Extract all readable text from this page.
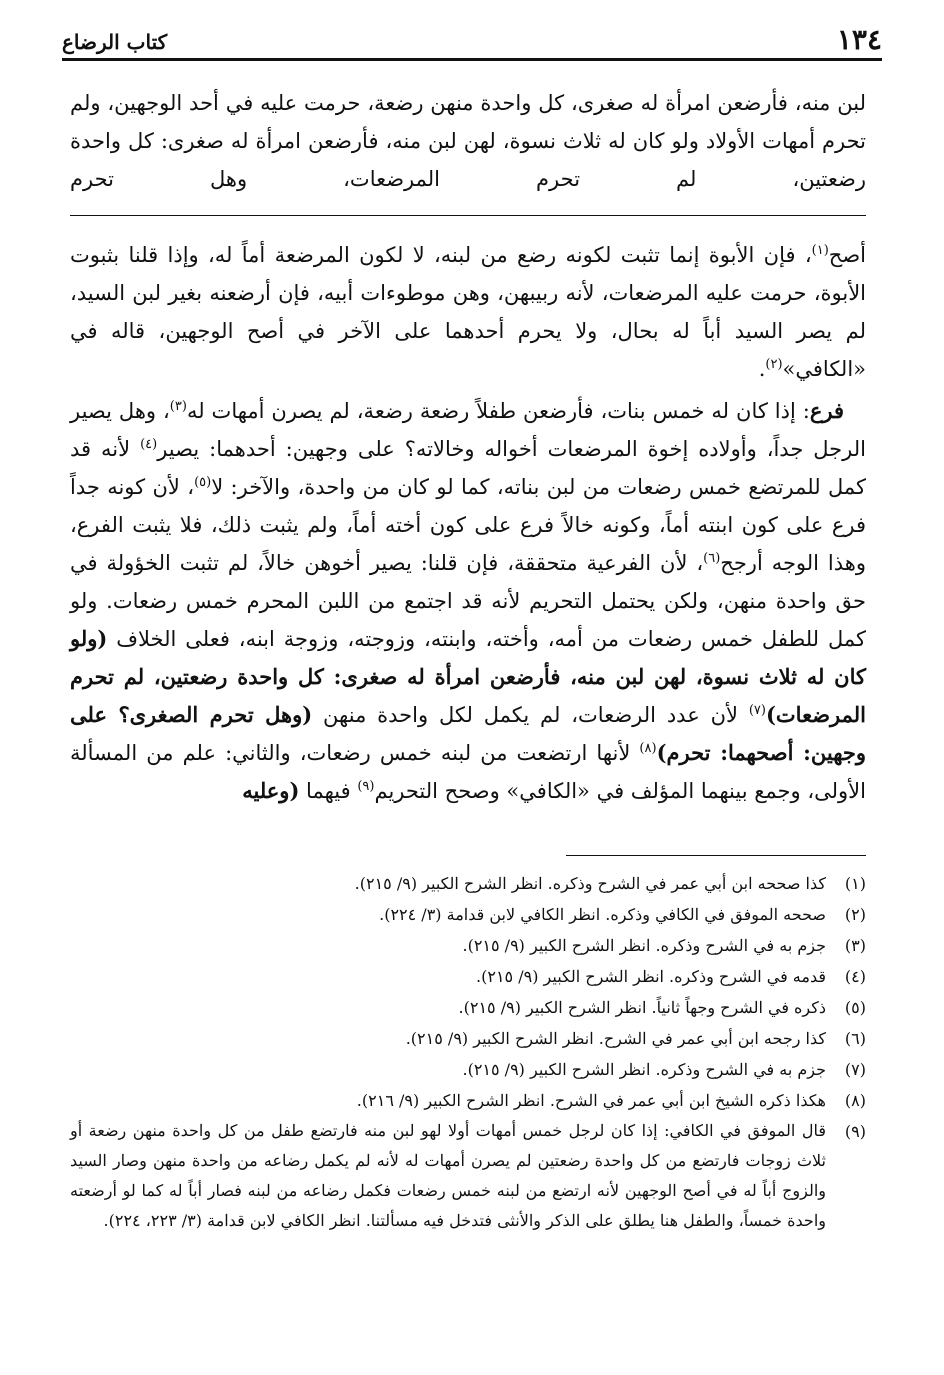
١٣٤
كتاب الرضاع

لبن منه، فأرضعن امرأة له صغرى، كل واحدة منهن رضعة، حرمت عليه في أحد الوجهين، ولم تحرم أمهات الأولاد ولو كان له ثلاث نسوة، لهن لبن منه، فأرضعن امرأة له صغرى: كل واحدة رضعتين، لم تحرم المرضعات، وهل تحرم

أصح$^{(١)}$، فإن الأبوة إنما تثبت لكونه رضع من لبنه، لا لكون المرضعة أماً له، وإذا قلنا بثبوت الأبوة، حرمت عليه المرضعات، لأنه ربيبهن، وهن موطوءات أبيه، فإن أرضعنه بغير لبن السيد، لم يصر السيد أباً له بحال، ولا يحرم أحدهما على الآخر في أصح الوجهين، قاله في «الكافي»$^{(٢)}$.

فرع: إذا كان له خمس بنات، فأرضعن طفلاً رضعة رضعة، لم يصرن أمهات له$^{(٣)}$، وهل يصير الرجل جداً، وأولاده إخوة المرضعات أخواله وخالاته؟ على وجهين: أحدهما: يصير$^{(٤)}$ لأنه قد كمل للمرتضع خمس رضعات من لبن بناته، كما لو كان من واحدة، والآخر: لا$^{(٥)}$، لأن كونه جداً فرع على كون ابنته أماً، وكونه خالاً فرع على كون أخته أماً، ولم يثبت ذلك، فلا يثبت الفرع، وهذا الوجه أرجح$^{(٦)}$، لأن الفرعية متحققة، فإن قلنا: يصير أخوهن خالاً، لم تثبت الخؤولة في حق واحدة منهن، ولكن يحتمل التحريم لأنه قد اجتمع من اللبن المحرم خمس رضعات. ولو كمل للطفل خمس رضعات من أمه، وأخته، وابنته، وزوجته، وزوجة ابنه، فعلى الخلاف (ولو كان له ثلاث نسوة، لهن لبن منه، فأرضعن امرأة له صغرى: كل واحدة رضعتين، لم تحرم المرضعات)$^{(٧)}$ لأن عدد الرضعات، لم يكمل لكل واحدة منهن (وهل تحرم الصغرى؟ على وجهين: أصحهما: تحرم)$^{(٨)}$ لأنها ارتضعت من لبنه خمس رضعات، والثاني: علم من المسألة الأولى، وجمع بينهما المؤلف في «الكافي» وصحح التحريم$^{(٩)}$ فيهما (وعليه

(١)
كذا صححه ابن أبي عمر في الشرح وذكره. انظر الشرح الكبير (٩/ ٢١٥).
(٢)
صححه الموفق في الكافي وذكره. انظر الكافي لابن قدامة (٣/ ٢٢٤).
(٣)
جزم به في الشرح وذكره. انظر الشرح الكبير (٩/ ٢١٥).
(٤)
قدمه في الشرح وذكره. انظر الشرح الكبير (٩/ ٢١٥).
(٥)
ذكره في الشرح وجهاً ثانياً. انظر الشرح الكبير (٩/ ٢١٥).
(٦)
كذا رجحه ابن أبي عمر في الشرح. انظر الشرح الكبير (٩/ ٢١٥).
(٧)
جزم به في الشرح وذكره. انظر الشرح الكبير (٩/ ٢١٥).
(٨)
هكذا ذكره الشيخ ابن أبي عمر في الشرح. انظر الشرح الكبير (٩/ ٢١٦).
(٩)
قال الموفق في الكافي: إذا كان لرجل خمس أمهات أولا لهو لبن منه فارتضع طفل من كل واحدة منهن رضعة أو ثلاث زوجات فارتضع من كل واحدة رضعتين لم يصرن أمهات له لأنه لم يكمل رضاعه من واحدة منهن وصار السيد والزوج أباً له في أصح الوجهين لأنه ارتضع من لبنه خمس رضعات فكمل رضاعه من لبنه فصار أباً له كما لو أرضعته واحدة خمساً، والطفل هنا يطلق على الذكر والأنثى فتدخل فيه مسألتنا. انظر الكافي لابن قدامة (٣/ ٢٢٣، ٢٢٤).
